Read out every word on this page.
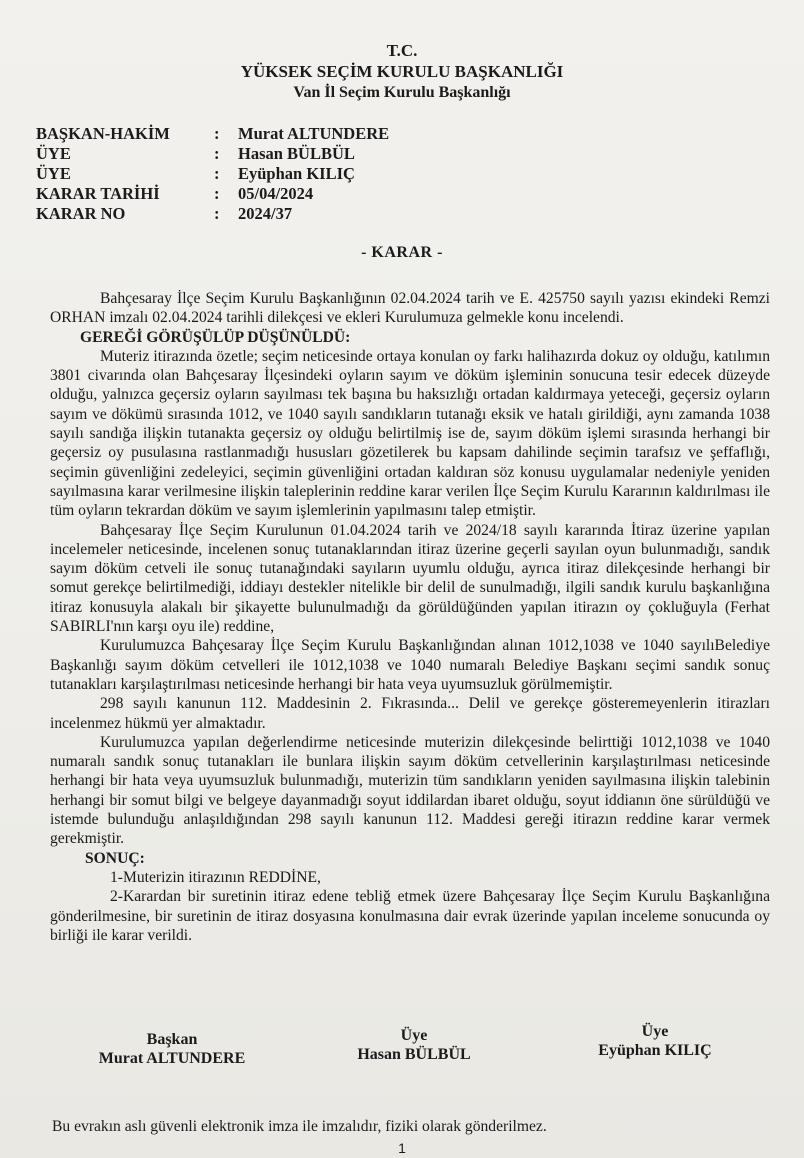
T.C.
YÜKSEK SEÇİM KURULU BAŞKANLIĞI
Van İl Seçim Kurulu Başkanlığı
BAŞKAN-HAKİM	:	Murat ALTUNDERE
ÜYE	:	Hasan BÜLBÜL
ÜYE	:	Eyüphan KILIÇ
KARAR TARİHİ	:	05/04/2024
KARAR NO	:	2024/37
- KARAR -

Bahçesaray İlçe Seçim Kurulu Başkanlığının 02.04.2024 tarih ve E. 425750 sayılı yazısı ekindeki Remzi ORHAN imzalı 02.04.2024 tarihli dilekçesi ve ekleri Kurulumuza gelmekle konu incelendi.

GEREĞİ GÖRÜŞÜLÜP DÜŞÜNÜLDÜ:

Muteriz itirazında özetle; seçim neticesinde ortaya konulan oy farkı halihazırda dokuz oy olduğu, katılımın 3801 civarında olan Bahçesaray İlçesindeki oyların sayım ve döküm işleminin sonucuna tesir edecek düzeyde olduğu, yalnızca geçersiz oyların sayılması tek başına bu haksızlığı ortadan kaldırmaya yeteceği, geçersiz oyların sayım ve dökümü sırasında 1012, ve 1040 sayılı sandıkların tutanağı eksik ve hatalı girildiği, aynı zamanda 1038 sayılı sandığa ilişkin tutanakta geçersiz oy olduğu belirtilmiş ise de, sayım döküm işlemi sırasında herhangi bir geçersiz oy pusulasına rastlanmadığı hususları gözetilerek bu kapsam dahilinde seçimin tarafsız ve şeffaflığı, seçimin güvenliğini zedeleyici, seçimin güvenliğini ortadan kaldıran söz konusu uygulamalar nedeniyle yeniden sayılmasına karar verilmesine ilişkin taleplerinin reddine karar verilen İlçe Seçim Kurulu Kararının kaldırılması ile tüm oyların tekrardan döküm ve sayım işlemlerinin yapılmasını talep etmiştir.

Bahçesaray İlçe Seçim Kurulunun 01.04.2024 tarih ve 2024/18 sayılı kararında İtiraz üzerine yapılan incelemeler neticesinde, incelenen sonuç tutanaklarından itiraz üzerine geçerli sayılan oyun bulunmadığı, sandık sayım döküm cetveli ile sonuç tutanağındaki sayıların uyumlu olduğu, ayrıca itiraz dilekçesinde herhangi bir somut gerekçe belirtilmediği, iddiayı destekler nitelikle bir delil de sunulmadığı, ilgili sandık kurulu başkanlığına itiraz konusuyla alakalı bir şikayette bulunulmadığı da görüldüğünden yapılan itirazın oy çokluğuyla (Ferhat SABIRLI'nın karşı oyu ile) reddine,

Kurulumuzca Bahçesaray İlçe Seçim Kurulu Başkanlığından alınan 1012,1038 ve 1040 sayılıBelediye Başkanlığı sayım döküm cetvelleri ile 1012,1038 ve 1040 numaralı Belediye Başkanı seçimi sandık sonuç tutanakları karşılaştırılması neticesinde herhangi bir hata veya uyumsuzluk görülmemiştir.

298 sayılı kanunun 112. Maddesinin 2. Fıkrasında... Delil ve gerekçe gösteremeyenlerin itirazları incelenmez hükmü yer almaktadır.

Kurulumuzca yapılan değerlendirme neticesinde muterizin dilekçesinde belirttiği 1012,1038 ve 1040 numaralı sandık sonuç tutanakları ile bunlara ilişkin sayım döküm cetvellerinin karşılaştırılması neticesinde herhangi bir hata veya uyumsuzluk bulunmadığı, muterizin tüm sandıkların yeniden sayılmasına ilişkin talebinin herhangi bir somut bilgi ve belgeye dayanmadığı soyut iddilardan ibaret olduğu, soyut iddianın öne sürüldüğü ve istemde bulunduğu anlaşıldığından 298 sayılı kanunun 112. Maddesi gereği itirazın reddine karar vermek gerekmiştir.

SONUÇ:

1-Muterizin itirazının REDDİNE,

2-Karardan bir suretinin itiraz edene tebliğ etmek üzere Bahçesaray İlçe Seçim Kurulu Başkanlığına gönderilmesine, bir suretinin de itiraz dosyasına konulmasına dair evrak üzerinde yapılan inceleme sonucunda oy birliği ile karar verildi.

Başkan
Murat ALTUNDERE
Üye
Hasan BÜLBÜL
Üye
Eyüphan KILIÇ
Bu evrakın aslı güvenli elektronik imza ile imzalıdır, fiziki olarak gönderilmez.
1
